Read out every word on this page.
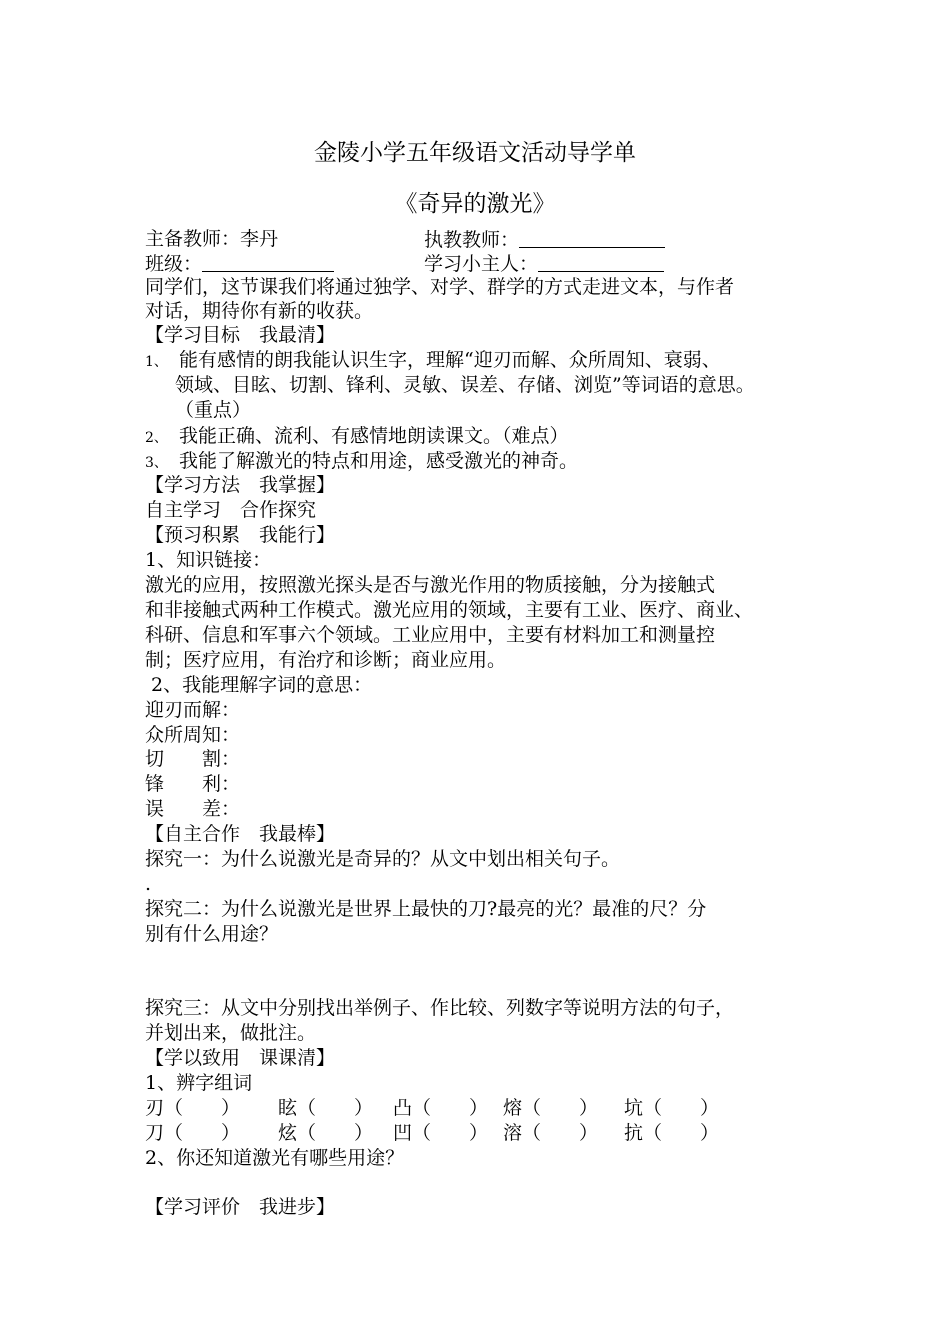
金陵小学五年级语文活动导学单
《奇异的激光》
主备教师：李丹	执教教师：
班级：	学习小主人：
同学们，这节课我们将通过独学、对学、群学的方式走进文本，与作者
对话，期待你有新的收获。
【学习目标　我最清】
1、 能有感情的朗我能认识生字，理解“迎刃而解、众所周知、衰弱、
领域、目眩、切割、锋利、灵敏、误差、存储、浏览”等词语的意思。
（重点）
2、 我能正确、流利、有感情地朗读课文。（难点）
3、 我能了解激光的特点和用途，感受激光的神奇。
【学习方法　我掌握】
自主学习　合作探究
【预习积累　我能行】
1、知识链接：
激光的应用，按照激光探头是否与激光作用的物质接触，分为接触式
和非接触式两种工作模式。激光应用的领域，主要有工业、医疗、商业、
科研、信息和军事六个领域。工业应用中，主要有材料加工和测量控
制；医疗应用，有治疗和诊断；商业应用。
2、我能理解字词的意思：
迎刃而解：
众所周知：
切　　割：
锋　　利：
误　　差：
【自主合作　我最棒】
探究一：为什么说激光是奇异的？从文中划出相关句子。
.
探究二：为什么说激光是世界上最快的刀?最亮的光？最准的尺？分
别有什么用途？
探究三：从文中分别找出举例子、作比较、列数字等说明方法的句子，
并划出来，做批注。
【学以致用　课课清】
1、辨字组词
刃（　　） 眩（　　） 凸（　　） 熔（　　） 坑（　　）
刀（　　） 炫（　　） 凹（　　） 溶（　　） 抗（　　）
2、你还知道激光有哪些用途？
【学习评价　我进步】
